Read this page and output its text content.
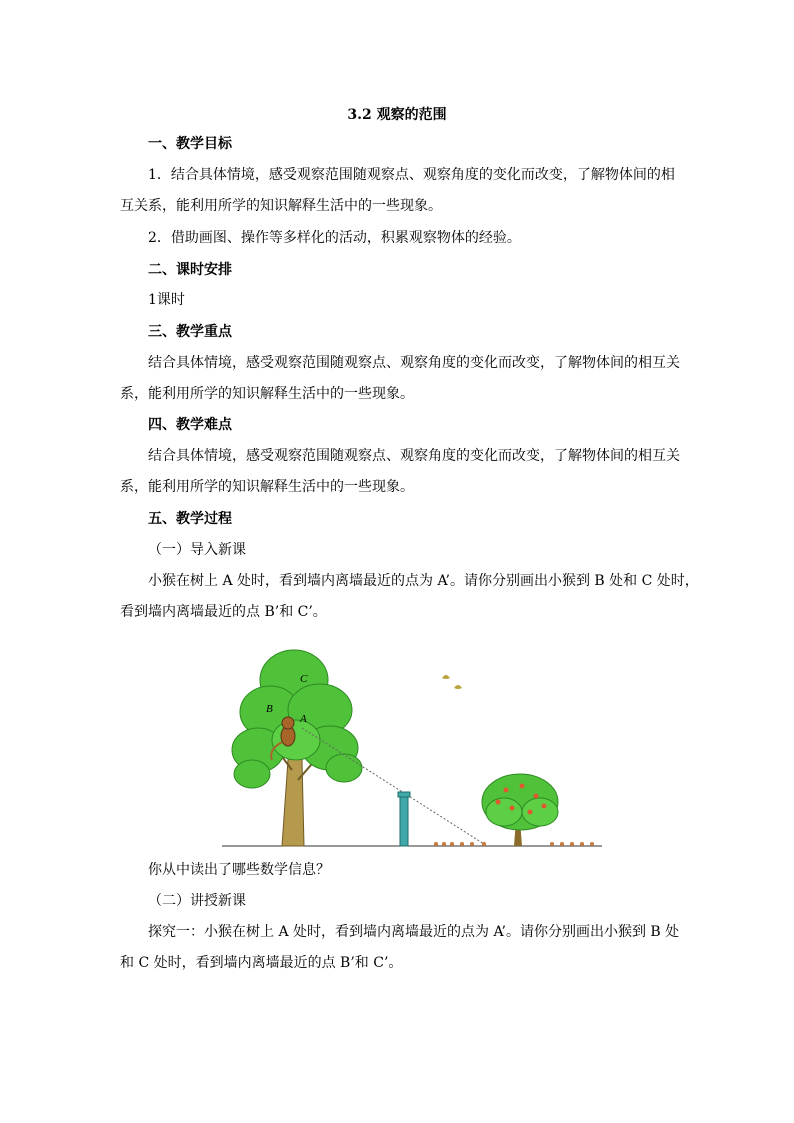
3.2 观察的范围
一、教学目标
1．结合具体情境，感受观察范围随观察点、观察角度的变化而改变，了解物体间的相
互关系，能利用所学的知识解释生活中的一些现象。
2．借助画图、操作等多样化的活动，积累观察物体的经验。
二、课时安排
1课时
三、教学重点
结合具体情境，感受观察范围随观察点、观察角度的变化而改变，了解物体间的相互关
系，能利用所学的知识解释生活中的一些现象。
四、教学难点
结合具体情境，感受观察范围随观察点、观察角度的变化而改变，了解物体间的相互关
系，能利用所学的知识解释生活中的一些现象。
五、教学过程
（一）导入新课
小猴在树上 A 处时，看到墙内离墙最近的点为 A’。请你分别画出小猴到 B 处和 C 处时，
看到墙内离墙最近的点 B’和 C’。
A
B
C
你从中读出了哪些数学信息？
（二）讲授新课
探究一：小猴在树上 A 处时，看到墙内离墙最近的点为 A’。请你分别画出小猴到 B 处
和 C 处时，看到墙内离墙最近的点 B’和 C’。
